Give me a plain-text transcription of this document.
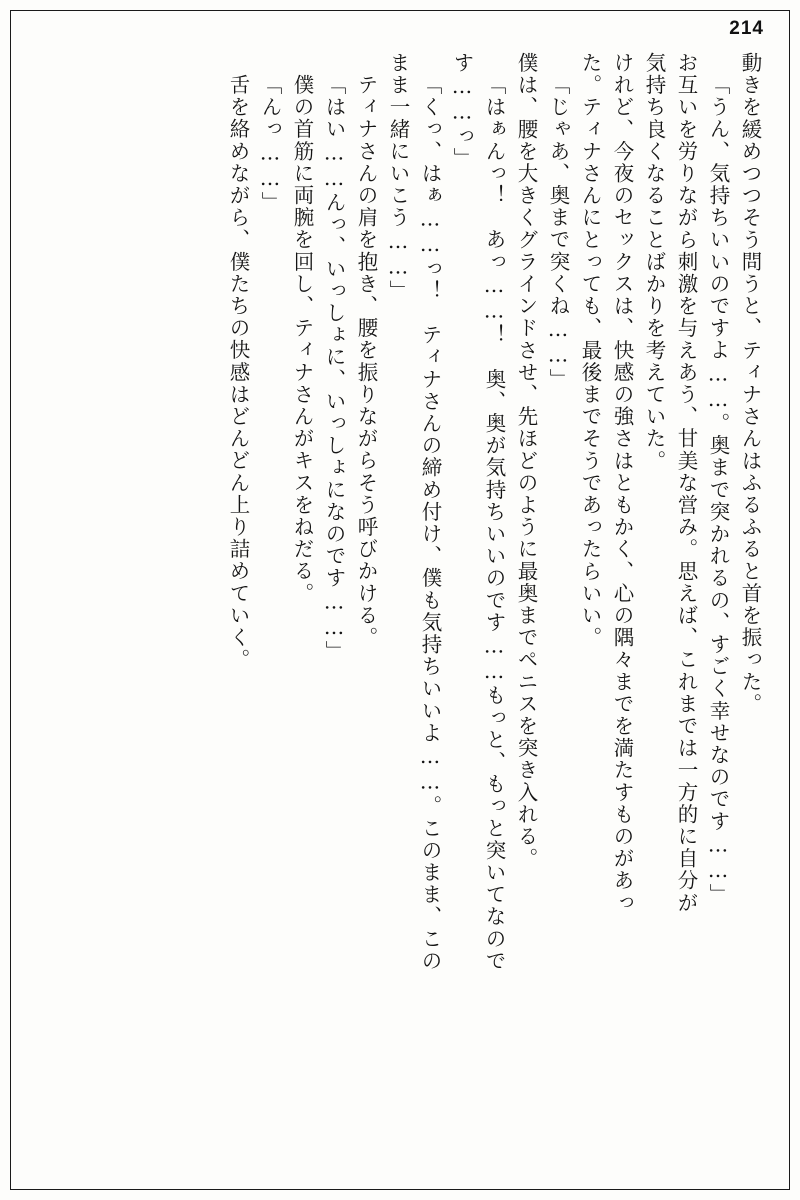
214
動きを緩めつつそう問うと、ティナさんはふるふると首を振った。
「うん、気持ちいいのですよ……。奥まで突かれるの、すごく幸せなのです……」
お互いを労りながら刺激を与えあう、甘美な営み。思えば、これまでは一方的に自分が
気持ち良くなることばかりを考えていた。
けれど、今夜のセックスは、快感の強さはともかく、心の隅々までを満たすものがあっ
た。ティナさんにとっても、最後までそうであったらいい。
「じゃあ、奥まで突くね……」
僕は、腰を大きくグラインドさせ、先ほどのように最奥までペニスを突き入れる。
「はぁんっ！　あっ……！　奥、奥が気持ちいいのです……もっと、もっと突いてなので
す……っ」
「くっ、はぁ……っ！　ティナさんの締め付け、僕も気持ちいいよ……。このまま、この
まま一緒にいこう……」
ティナさんの肩を抱き、腰を振りながらそう呼びかける。
「はい……んっ、いっしょに、いっしょになのです……」
僕の首筋に両腕を回し、ティナさんがキスをねだる。
「んっ……」
舌を絡めながら、僕たちの快感はどんどん上り詰めていく。
